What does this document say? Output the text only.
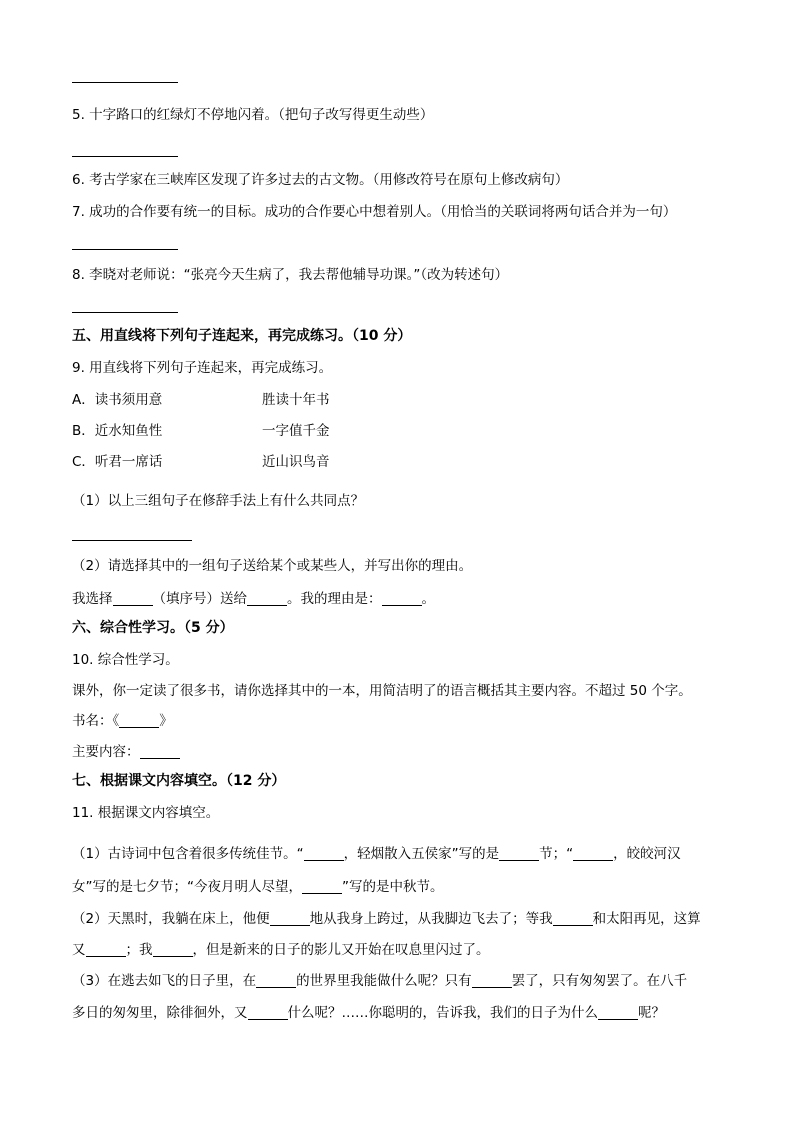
5. 十字路口的红绿灯不停地闪着。（把句子改写得更生动些）
6. 考古学家在三峡库区发现了许多过去的古文物。（用修改符号在原句上修改病句）
7. 成功的合作要有统一的目标。成功的合作要心中想着别人。（用恰当的关联词将两句话合并为一句）
8. 李晓对老师说：“张亮今天生病了，我去帮他辅导功课。”（改为转述句）
五、用直线将下列句子连起来，再完成练习。（10 分）
9. 用直线将下列句子连起来，再完成练习。
A．读书须用意	胜读十年书
B．近水知鱼性	一字值千金
C．听君一席话	近山识鸟音
（1）以上三组句子在修辞手法上有什么共同点？
（2）请选择其中的一组句子送给某个或某些人，并写出你的理由。
我选择	（填序号）送给	。我的理由是：	。
六、综合性学习。（5 分）
10. 综合性学习。
课外，你一定读了很多书，请你选择其中的一本，用简洁明了的语言概括其主要内容。不超过 50 个字。
书名：《	》
主要内容：
七、根据课文内容填空。（12 分）
11. 根据课文内容填空。
（1）古诗词中包含着很多传统佳节。“	，轻烟散入五侯家”写的是	节；“	，皎皎河汉
女”写的是七夕节；“今夜月明人尽望，	”写的是中秋节。
（2）天黑时，我躺在床上，他便	地从我身上跨过，从我脚边飞去了；等我	和太阳再见，这算
又	；我	，但是新来的日子的影儿又开始在叹息里闪过了。
（3）在逃去如飞的日子里，在	的世界里我能做什么呢？只有	罢了，只有匆匆罢了。在八千
多日的匆匆里，除徘徊外，又	什么呢？……你聪明的，告诉我，我们的日子为什么	呢？
